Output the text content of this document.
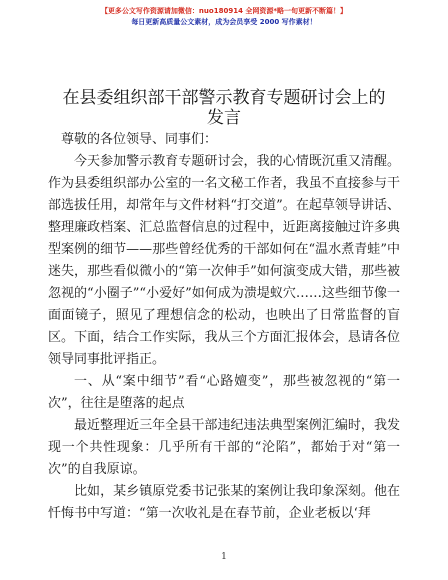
【更多公文写作资源请加微信：nuo180914 全网资源*略一旬更新不断篇！】
每日更新高质量公文素材，成为会员享受 2000 写作素材！
在县委组织部干部警示教育专题研讨会上的发言

尊敬的各位领导、同事们：

今天参加警示教育专题研讨会，我的心情既沉重又清醒。作为县委组织部办公室的一名文秘工作者，我虽不直接参与干部选拔任用，却常年与文件材料“打交道”。在起草领导讲话、整理廉政档案、汇总监督信息的过程中，近距离接触过许多典型案例的细节——那些曾经优秀的干部如何在“温水煮青蛙”中迷失，那些看似微小的“第一次伸手”如何演变成大错，那些被忽视的“小圈子”“小爱好”如何成为溃堤蚁穴……这些细节像一面面镜子，照见了理想信念的松动，也映出了日常监督的盲区。下面，结合工作实际，我从三个方面汇报体会，恳请各位领导同事批评指正。

一、从“案中细节”看“心路嬗变”，那些被忽视的“第一次”，往往是堕落的起点

最近整理近三年全县干部违纪违法典型案例汇编时，我发现一个共性现象：几乎所有干部的“沦陷”，都始于对“第一次”的自我原谅。

比如，某乡镇原党委书记张某的案例让我印象深刻。他在忏悔书中写道：“第一次收礼是在春节前，企业老板以‘拜

1
